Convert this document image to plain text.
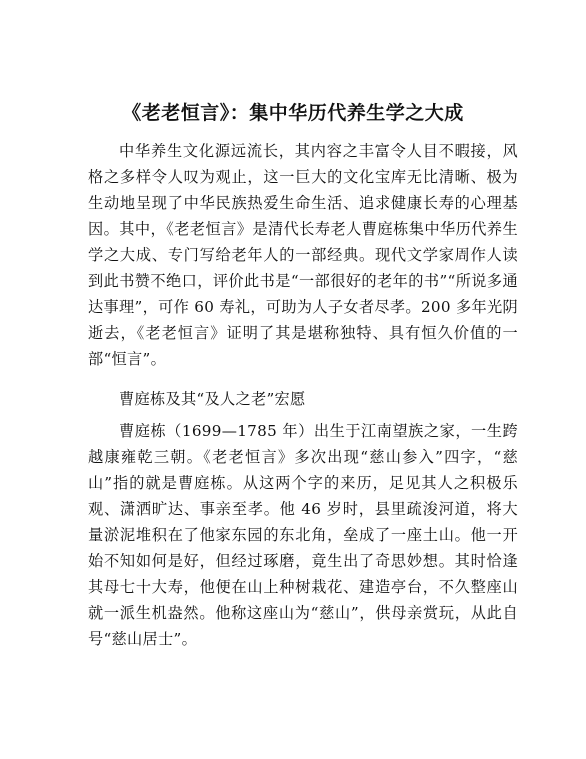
《老老恒言》：集中华历代养生学之大成

中华养生文化源远流长，其内容之丰富令人目不暇接，风格之多样令人叹为观止，这一巨大的文化宝库无比清晰、极为生动地呈现了中华民族热爱生命生活、追求健康长寿的心理基因。其中，《老老恒言》是清代长寿老人曹庭栋集中华历代养生学之大成、专门写给老年人的一部经典。现代文学家周作人读到此书赞不绝口，评价此书是“一部很好的老年的书”“所说多通达事理”，可作 60 寿礼，可助为人子女者尽孝。200 多年光阴逝去，《老老恒言》证明了其是堪称独特、具有恒久价值的一部“恒言”。

曹庭栋及其“及人之老”宏愿

曹庭栋（1699—1785 年）出生于江南望族之家，一生跨越康雍乾三朝。《老老恒言》多次出现“慈山参入”四字，“慈山”指的就是曹庭栋。从这两个字的来历，足见其人之积极乐观、潇洒旷达、事亲至孝。他 46 岁时，县里疏浚河道，将大量淤泥堆积在了他家东园的东北角，垒成了一座土山。他一开始不知如何是好，但经过琢磨，竟生出了奇思妙想。其时恰逢其母七十大寿，他便在山上种树栽花、建造亭台，不久整座山就一派生机盎然。他称这座山为“慈山”，供母亲赏玩，从此自号“慈山居士”。
